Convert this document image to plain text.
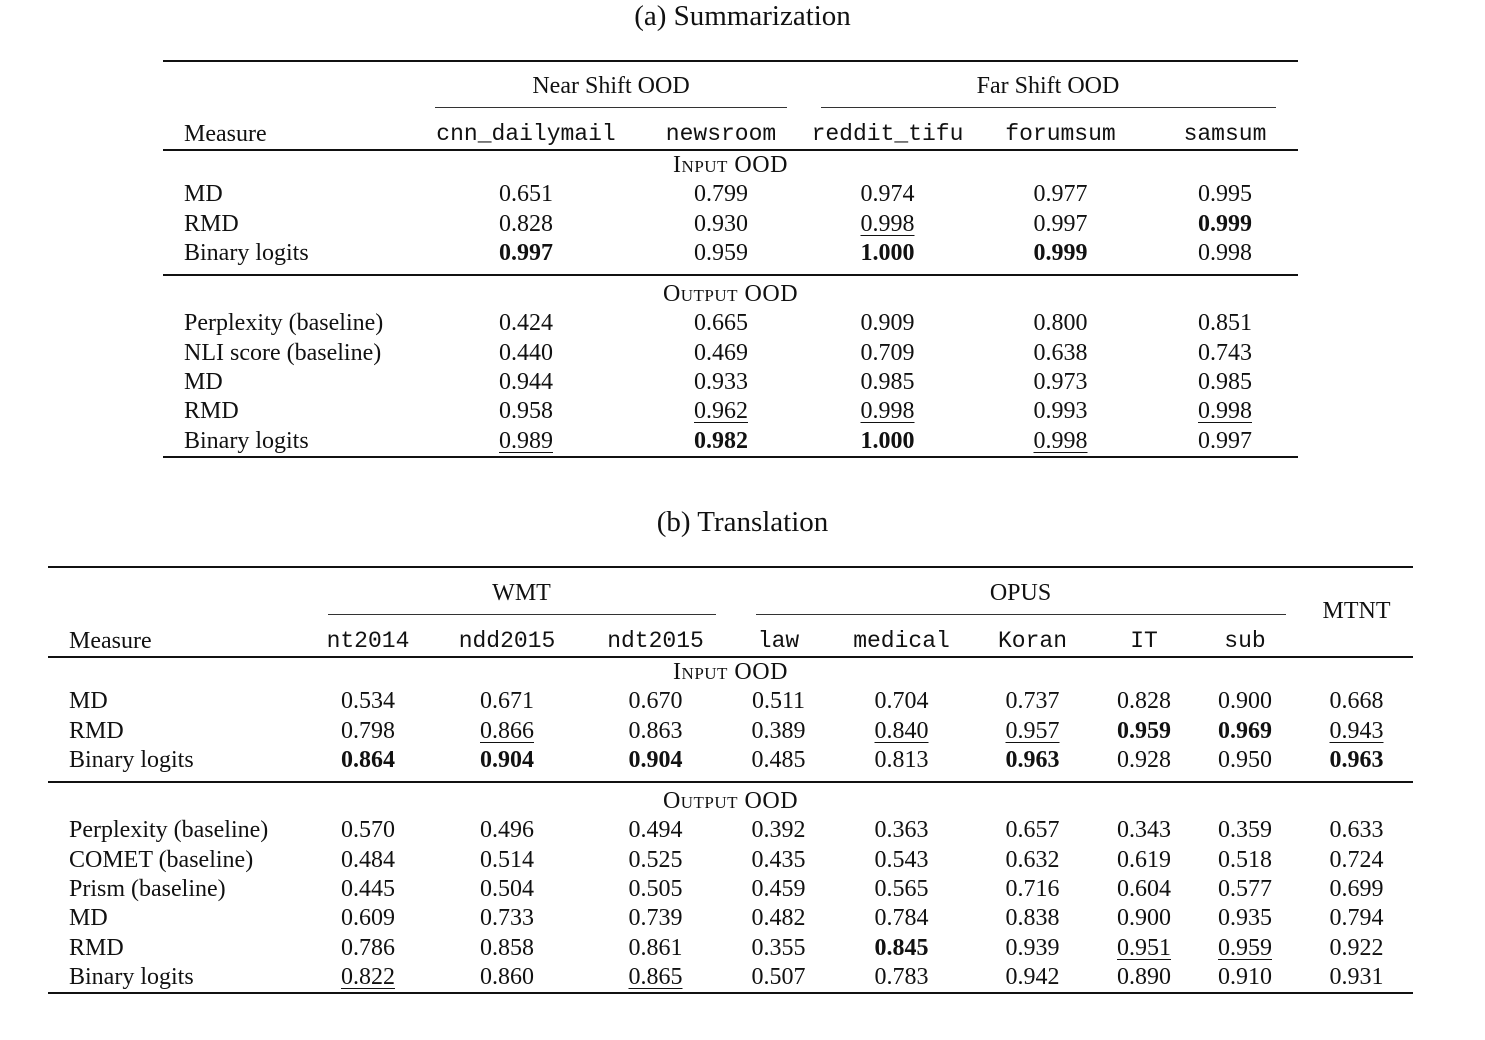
(a) Summarization
	Near Shift OOD		Far Shift OOD		
Measure	cnn_dailymail	newsroom	reddit_tifu	forumsum	samsum
Input OOD					
MD	0.651	0.799	0.974	0.977	0.995
RMD	0.828	0.930	0.998	0.997	0.999
Binary logits	0.997	0.959	1.000	0.999	0.998

Output OOD					
Perplexity (baseline)	0.424	0.665	0.909	0.800	0.851
NLI score (baseline)	0.440	0.469	0.709	0.638	0.743
MD	0.944	0.933	0.985	0.973	0.985
RMD	0.958	0.962	0.998	0.993	0.998
Binary logits	0.989	0.982	1.000	0.998	0.997
(b) Translation
	WMT			OPUS					MTNT
Measure	nt2014	ndd2015	ndt2015	law	medical	Koran	IT	sub	
Input OOD									
MD	0.534	0.671	0.670	0.511	0.704	0.737	0.828	0.900	0.668
RMD	0.798	0.866	0.863	0.389	0.840	0.957	0.959	0.969	0.943
Binary logits	0.864	0.904	0.904	0.485	0.813	0.963	0.928	0.950	0.963

Output OOD									
Perplexity (baseline)	0.570	0.496	0.494	0.392	0.363	0.657	0.343	0.359	0.633
COMET (baseline)	0.484	0.514	0.525	0.435	0.543	0.632	0.619	0.518	0.724
Prism (baseline)	0.445	0.504	0.505	0.459	0.565	0.716	0.604	0.577	0.699
MD	0.609	0.733	0.739	0.482	0.784	0.838	0.900	0.935	0.794
RMD	0.786	0.858	0.861	0.355	0.845	0.939	0.951	0.959	0.922
Binary logits	0.822	0.860	0.865	0.507	0.783	0.942	0.890	0.910	0.931
